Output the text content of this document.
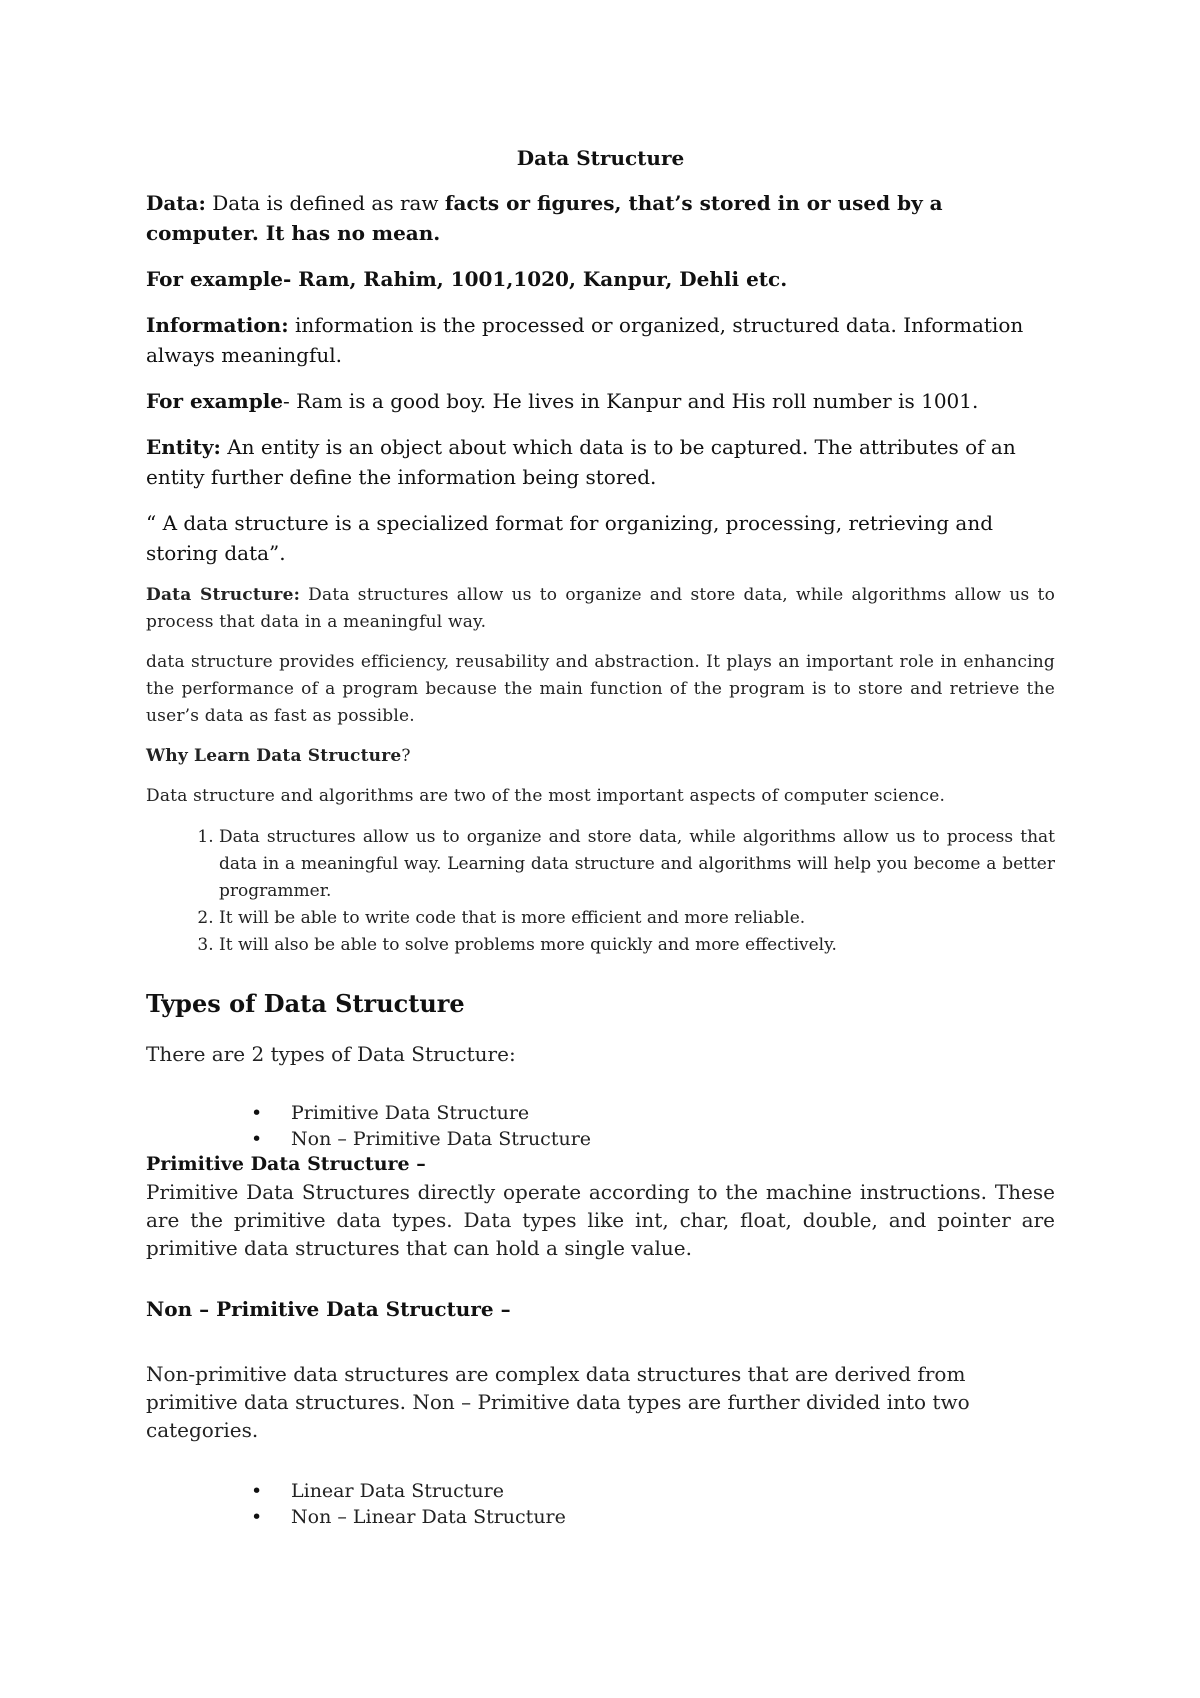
Data Structure

Data: Data is defined as raw facts or figures, that’s stored in or used by a computer. It has no mean.

For example- Ram, Rahim, 1001,1020, Kanpur, Dehli etc.

Information: information is the processed or organized, structured data. Information always meaningful.

For example- Ram is a good boy. He lives in Kanpur and His roll number is 1001.

Entity: An entity is an object about which data is to be captured. The attributes of an entity further define the information being stored.

“ A data structure is a specialized format for organizing, processing, retrieving and storing data”.

Data Structure: Data structures allow us to organize and store data, while algorithms allow us to process that data in a meaningful way.

data structure provides efficiency, reusability and abstraction. It plays an important role in enhancing the performance of a program because the main function of the program is to store and retrieve the user’s data as fast as possible.

Why Learn Data Structure?

Data structure and algorithms are two of the most important aspects of computer science.

1. Data structures allow us to organize and store data, while algorithms allow us to process that data in a meaningful way. Learning data structure and algorithms will help you become a better programmer.
2. It will be able to write code that is more efficient and more reliable.
3. It will also be able to solve problems more quickly and more effectively.
Types of Data Structure

There are 2 types of Data Structure:

• Primitive Data Structure
• Non – Primitive Data Structure

Primitive Data Structure –

Primitive Data Structures directly operate according to the machine instructions. These are the primitive data types. Data types like int, char, float, double, and pointer are primitive data structures that can hold a single value.

Non – Primitive Data Structure –

Non-primitive data structures are complex data structures that are derived from primitive data structures. Non – Primitive data types are further divided into two categories.

• Linear Data Structure
• Non – Linear Data Structure
